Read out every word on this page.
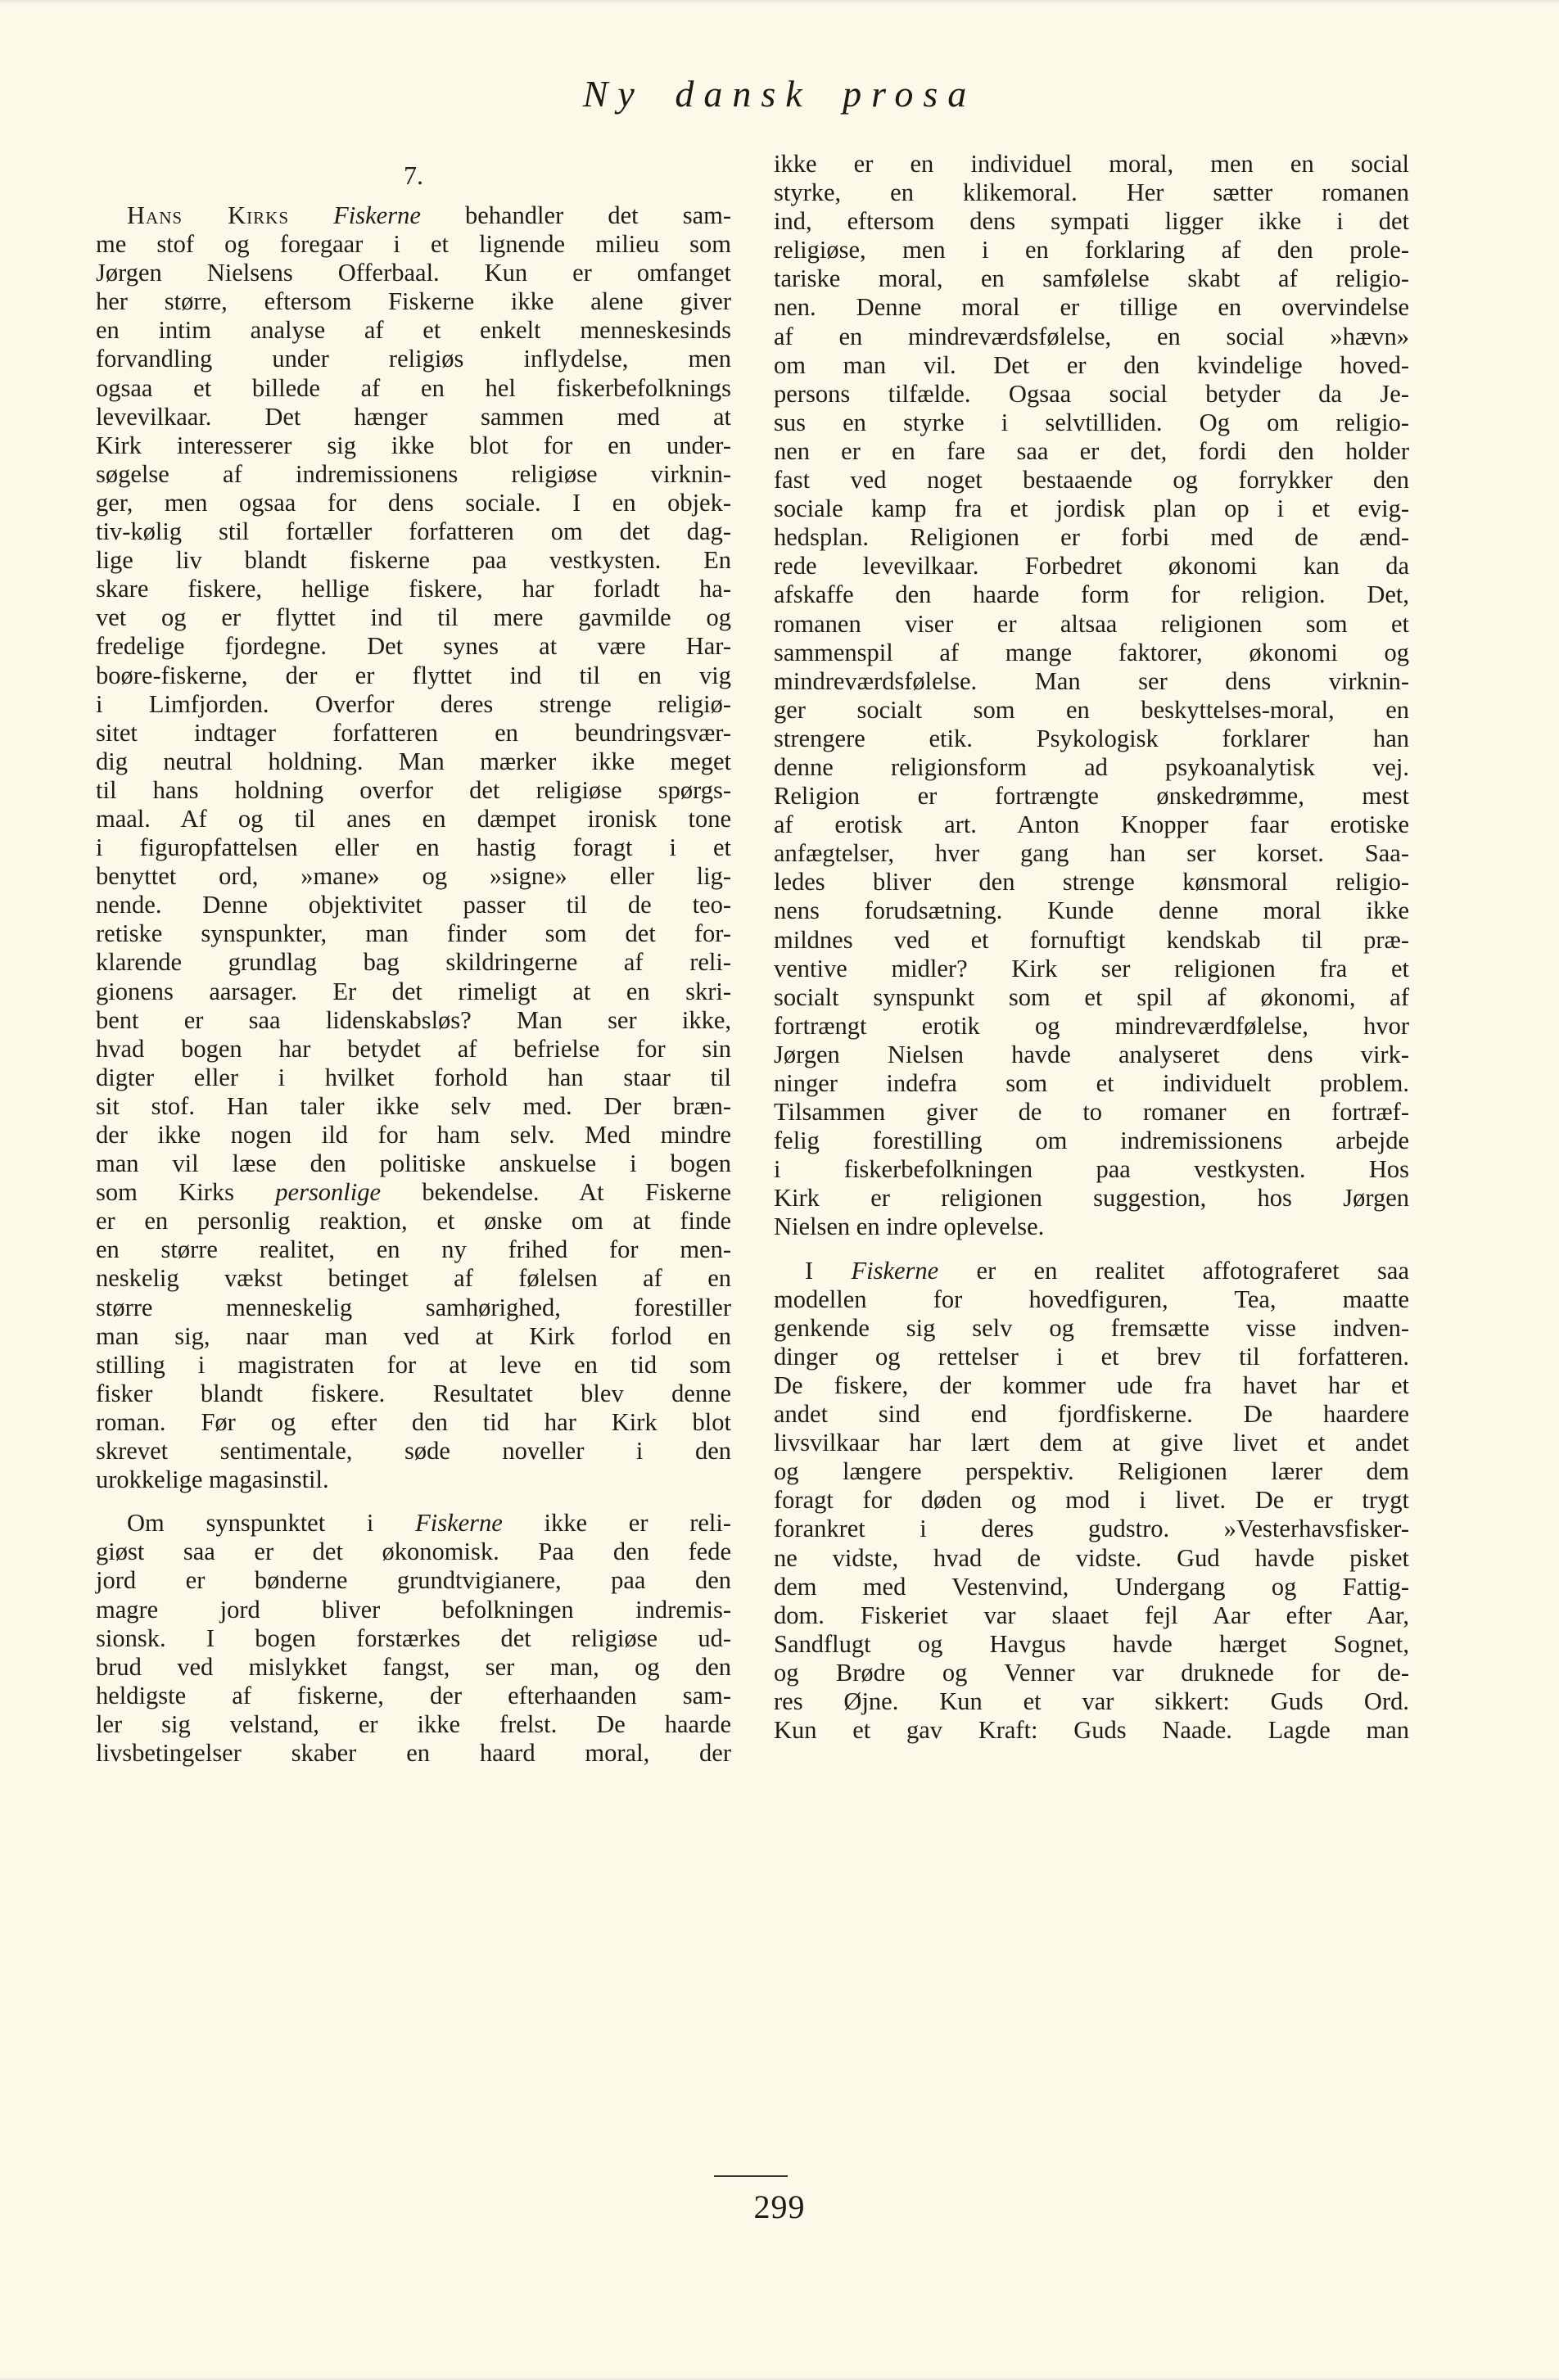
Ny dansk prosa
7.
Hans Kirks Fiskerne behandler det sam-
me stof og foregaar i et lignende milieu som
Jørgen Nielsens Offerbaal. Kun er omfanget
her større, eftersom Fiskerne ikke alene giver
en intim analyse af et enkelt menneskesinds
forvandling under religiøs inflydelse, men
ogsaa et billede af en hel fiskerbefolknings
levevilkaar. Det hænger sammen med at
Kirk interesserer sig ikke blot for en under-
søgelse af indremissionens religiøse virknin-
ger, men ogsaa for dens sociale. I en objek-
tiv-kølig stil fortæller forfatteren om det dag-
lige liv blandt fiskerne paa vestkysten. En
skare fiskere, hellige fiskere, har forladt ha-
vet og er flyttet ind til mere gavmilde og
fredelige fjordegne. Det synes at være Har-
boøre-fiskerne, der er flyttet ind til en vig
i Limfjorden. Overfor deres strenge religiø-
sitet indtager forfatteren en beundringsvær-
dig neutral holdning. Man mærker ikke meget
til hans holdning overfor det religiøse spørgs-
maal. Af og til anes en dæmpet ironisk tone
i figuropfattelsen eller en hastig foragt i et
benyttet ord, »mane» og »signe» eller lig-
nende. Denne objektivitet passer til de teo-
retiske synspunkter, man finder som det for-
klarende grundlag bag skildringerne af reli-
gionens aarsager. Er det rimeligt at en skri-
bent er saa lidenskabsløs? Man ser ikke,
hvad bogen har betydet af befrielse for sin
digter eller i hvilket forhold han staar til
sit stof. Han taler ikke selv med. Der bræn-
der ikke nogen ild for ham selv. Med mindre
man vil læse den politiske anskuelse i bogen
som Kirks personlige bekendelse. At Fiskerne
er en personlig reaktion, et ønske om at finde
en større realitet, en ny frihed for men-
neskelig vækst betinget af følelsen af en
større menneskelig samhørighed, forestiller
man sig, naar man ved at Kirk forlod en
stilling i magistraten for at leve en tid som
fisker blandt fiskere. Resultatet blev denne
roman. Før og efter den tid har Kirk blot
skrevet sentimentale, søde noveller i den
urokkelige magasinstil.
Om synspunktet i Fiskerne ikke er reli-
giøst saa er det økonomisk. Paa den fede
jord er bønderne grundtvigianere, paa den
magre jord bliver befolkningen indremis-
sionsk. I bogen forstærkes det religiøse ud-
brud ved mislykket fangst, ser man, og den
heldigste af fiskerne, der efterhaanden sam-
ler sig velstand, er ikke frelst. De haarde
livsbetingelser skaber en haard moral, der
ikke er en individuel moral, men en social
styrke, en klikemoral. Her sætter romanen
ind, eftersom dens sympati ligger ikke i det
religiøse, men i en forklaring af den prole-
tariske moral, en samfølelse skabt af religio-
nen. Denne moral er tillige en overvindelse
af en mindreværdsfølelse, en social »hævn»
om man vil. Det er den kvindelige hoved-
persons tilfælde. Ogsaa social betyder da Je-
sus en styrke i selvtilliden. Og om religio-
nen er en fare saa er det, fordi den holder
fast ved noget bestaaende og forrykker den
sociale kamp fra et jordisk plan op i et evig-
hedsplan. Religionen er forbi med de ænd-
rede levevilkaar. Forbedret økonomi kan da
afskaffe den haarde form for religion. Det,
romanen viser er altsaa religionen som et
sammenspil af mange faktorer, økonomi og
mindreværdsfølelse. Man ser dens virknin-
ger socialt som en beskyttelses-moral, en
strengere etik. Psykologisk forklarer han
denne religionsform ad psykoanalytisk vej.
Religion er fortrængte ønskedrømme, mest
af erotisk art. Anton Knopper faar erotiske
anfægtelser, hver gang han ser korset. Saa-
ledes bliver den strenge kønsmoral religio-
nens forudsætning. Kunde denne moral ikke
mildnes ved et fornuftigt kendskab til præ-
ventive midler? Kirk ser religionen fra et
socialt synspunkt som et spil af økonomi, af
fortrængt erotik og mindreværdfølelse, hvor
Jørgen Nielsen havde analyseret dens virk-
ninger indefra som et individuelt problem.
Tilsammen giver de to romaner en fortræf-
felig forestilling om indremissionens arbejde
i fiskerbefolkningen paa vestkysten. Hos
Kirk er religionen suggestion, hos Jørgen
Nielsen en indre oplevelse.
I Fiskerne er en realitet affotograferet saa
modellen for hovedfiguren, Tea, maatte
genkende sig selv og fremsætte visse indven-
dinger og rettelser i et brev til forfatteren.
De fiskere, der kommer ude fra havet har et
andet sind end fjordfiskerne. De haardere
livsvilkaar har lært dem at give livet et andet
og længere perspektiv. Religionen lærer dem
foragt for døden og mod i livet. De er trygt
forankret i deres gudstro. »Vesterhavsfisker-
ne vidste, hvad de vidste. Gud havde pisket
dem med Vestenvind, Undergang og Fattig-
dom. Fiskeriet var slaaet fejl Aar efter Aar,
Sandflugt og Havgus havde hærget Sognet,
og Brødre og Venner var druknede for de-
res Øjne. Kun et var sikkert: Guds Ord.
Kun et gav Kraft: Guds Naade. Lagde man
299
